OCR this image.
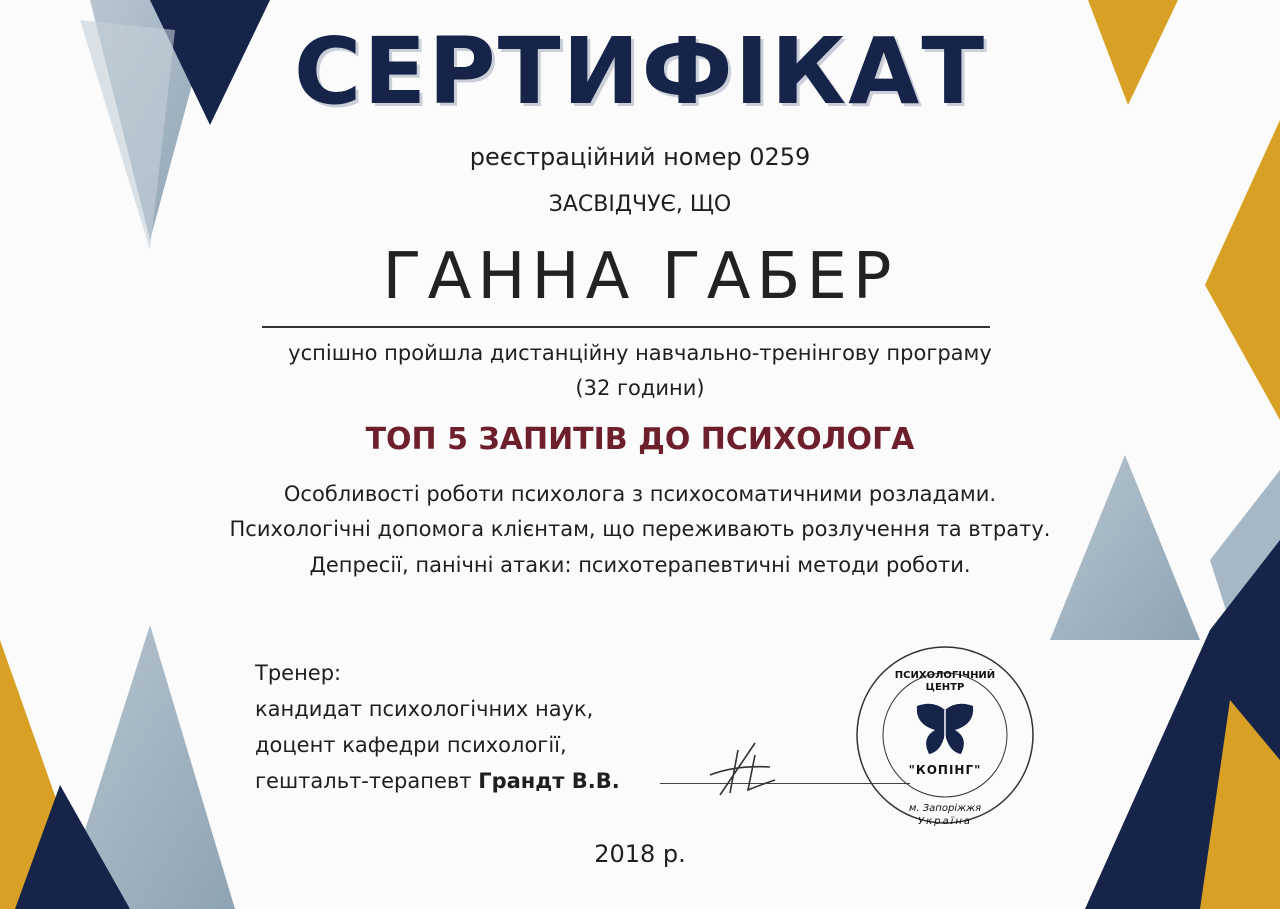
СЕРТИФІКАТ
реєстраційний номер 0259
ЗАСВІДЧУЄ, ЩО
ГАННА ГАБЕР
успішно пройшла дистанційну навчально-тренінгову програму
(32 години)
ТОП 5 ЗАПИТІВ ДО ПСИХОЛОГА
Особливості роботи психолога з психосоматичними розладами.
Психологічні допомога клієнтам, що переживають розлучення та втрату.
Депресії, панічні атаки: психотерапевтичні методи роботи.
Тренер:
кандидат психологічних наук,
доцент кафедри психології,
гештальт-терапевт Грандт В.В.
ПСИХОЛОГІЧНИЙ
ЦЕНТР
"КОПІНГ"
м. Запоріжжя
Україна
2018 р.
